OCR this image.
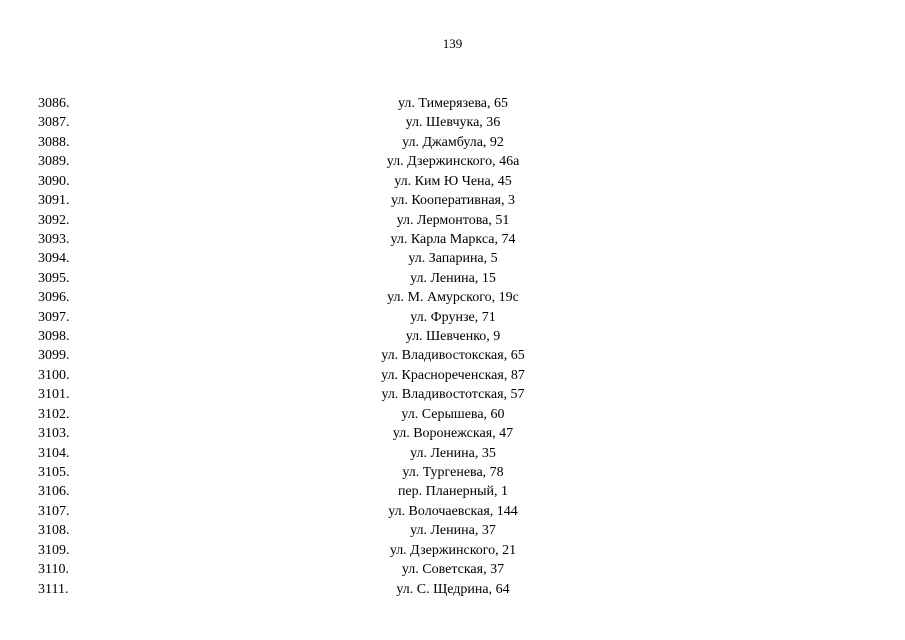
139
3086.	ул. Тимерязева, 65
3087.	ул. Шевчука, 36
3088.	ул. Джамбула, 92
3089.	ул. Дзержинского, 46а
3090.	ул. Ким Ю Чена, 45
3091.	ул. Кооперативная, 3
3092.	ул. Лермонтова, 51
3093.	ул. Карла Маркса, 74
3094.	ул. Запарина, 5
3095.	ул. Ленина, 15
3096.	ул. М. Амурского, 19с
3097.	ул. Фрунзе, 71
3098.	ул. Шевченко, 9
3099.	ул. Владивостокская, 65
3100.	ул. Краснореченская, 87
3101.	ул. Владивостотская, 57
3102.	ул. Серышева, 60
3103.	ул. Воронежская, 47
3104.	ул. Ленина, 35
3105.	ул. Тургенева, 78
3106.	пер. Планерный, 1
3107.	ул. Волочаевская, 144
3108.	ул. Ленина, 37
3109.	ул. Дзержинского, 21
3110.	ул. Советская, 37
3111.	ул. С. Щедрина, 64
